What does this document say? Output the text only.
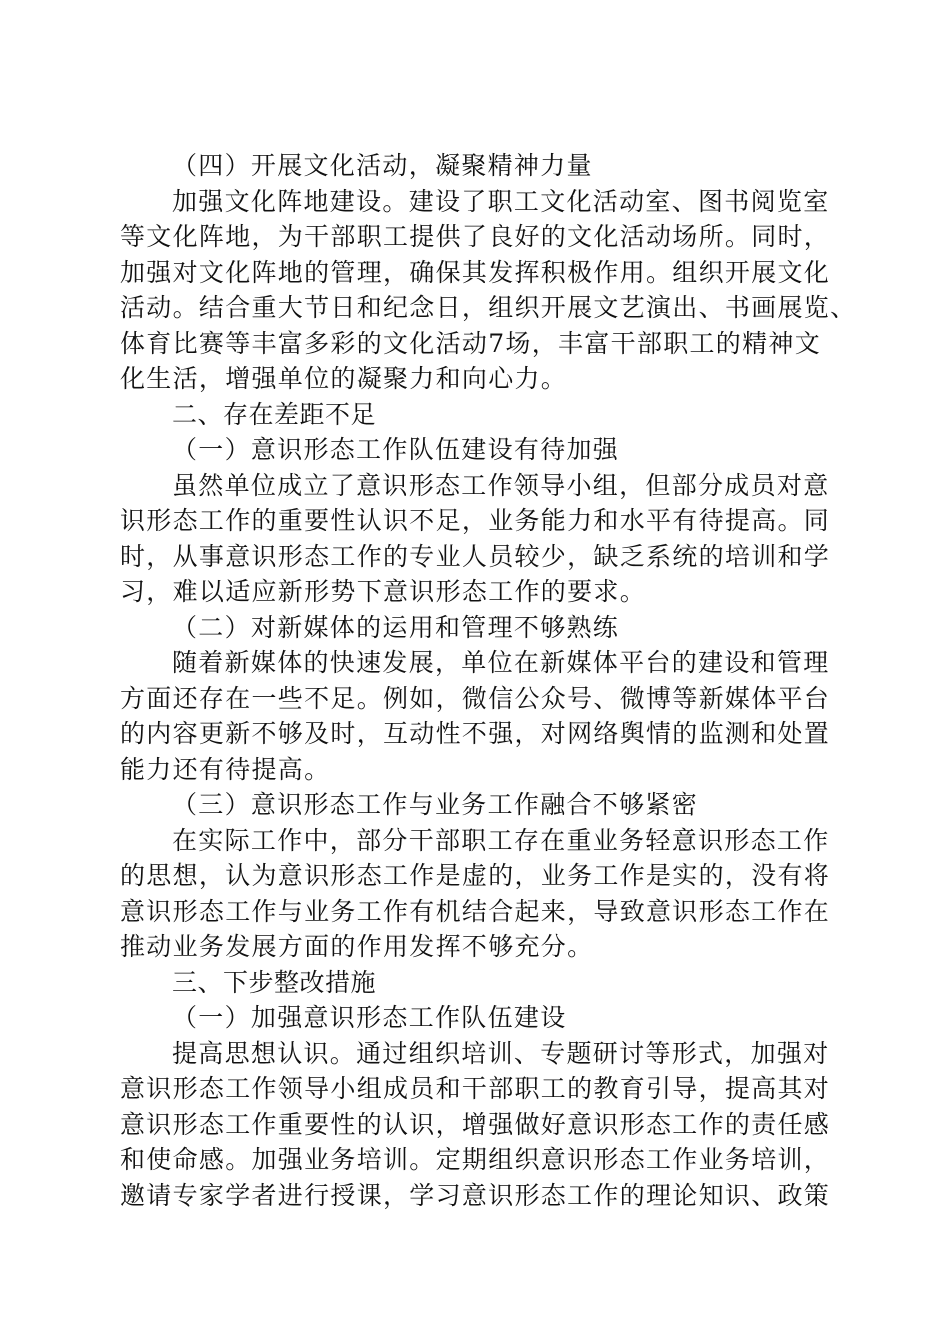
（四）开展文化活动，凝聚精神力量

加强文化阵地建设。建设了职工文化活动室、图书阅览室
等文化阵地，为干部职工提供了良好的文化活动场所。同时，
加强对文化阵地的管理，确保其发挥积极作用。组织开展文化
活动。结合重大节日和纪念日，组织开展文艺演出、书画展览、
体育比赛等丰富多彩的文化活动7场，丰富干部职工的精神文
化生活，增强单位的凝聚力和向心力。

二、存在差距不足

（一）意识形态工作队伍建设有待加强

虽然单位成立了意识形态工作领导小组，但部分成员对意
识形态工作的重要性认识不足，业务能力和水平有待提高。同
时，从事意识形态工作的专业人员较少，缺乏系统的培训和学
习，难以适应新形势下意识形态工作的要求。

（二）对新媒体的运用和管理不够熟练

随着新媒体的快速发展，单位在新媒体平台的建设和管理
方面还存在一些不足。例如，微信公众号、微博等新媒体平台
的内容更新不够及时，互动性不强，对网络舆情的监测和处置
能力还有待提高。

（三）意识形态工作与业务工作融合不够紧密

在实际工作中，部分干部职工存在重业务轻意识形态工作
的思想，认为意识形态工作是虚的，业务工作是实的，没有将
意识形态工作与业务工作有机结合起来，导致意识形态工作在
推动业务发展方面的作用发挥不够充分。

三、下步整改措施

（一）加强意识形态工作队伍建设

提高思想认识。通过组织培训、专题研讨等形式，加强对
意识形态工作领导小组成员和干部职工的教育引导，提高其对
意识形态工作重要性的认识，增强做好意识形态工作的责任感
和使命感。加强业务培训。定期组织意识形态工作业务培训，
邀请专家学者进行授课，学习意识形态工作的理论知识、政策
